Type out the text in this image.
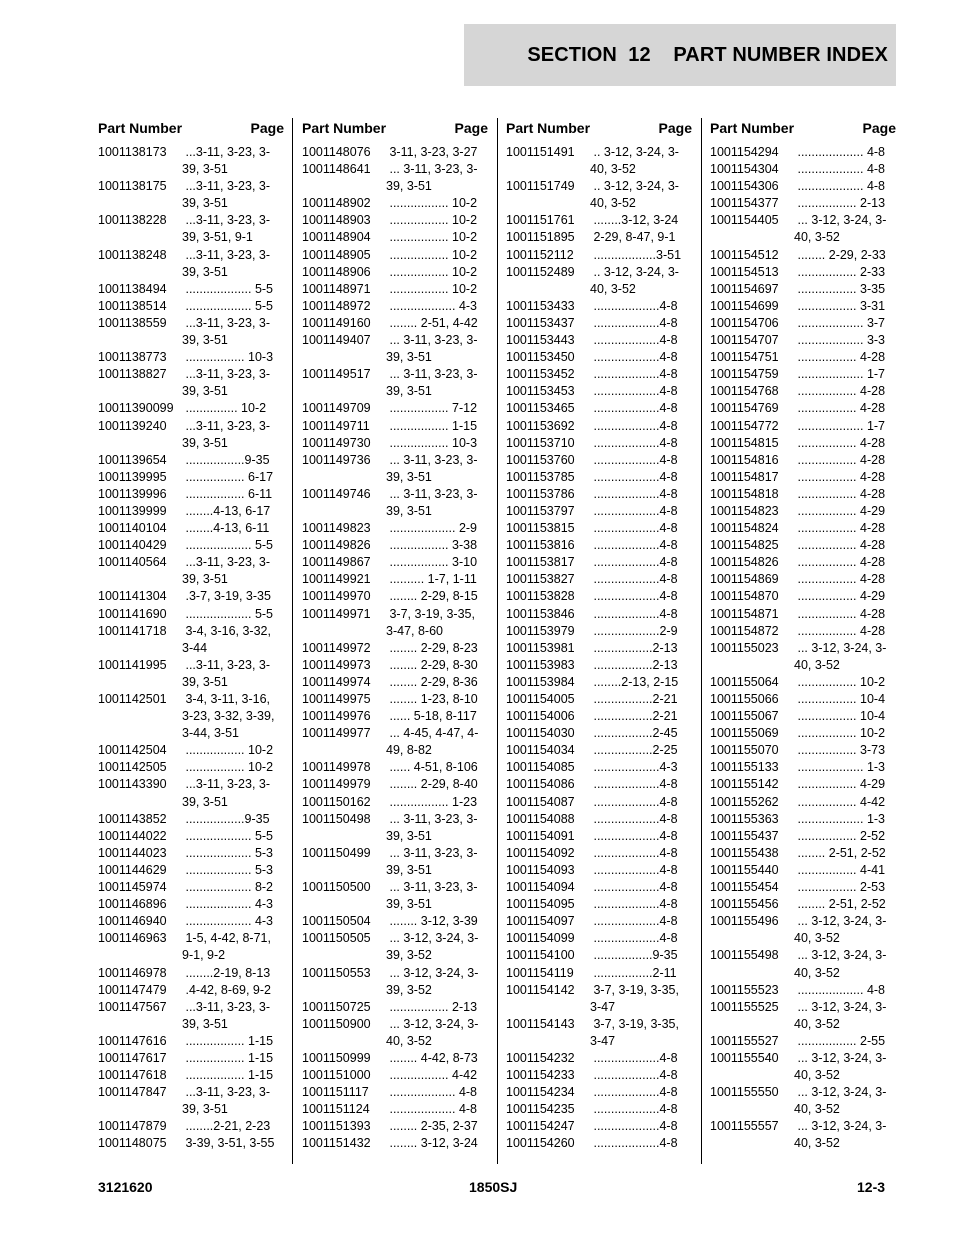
SECTION  12    PART NUMBER INDEX
Part Number	Page
1001138173	...3-11, 3-23, 3-
39, 3-51
1001138175	...3-11, 3-23, 3-
39, 3-51
1001138228	...3-11, 3-23, 3-
39, 3-51, 9-1
1001138248	...3-11, 3-23, 3-
39, 3-51
1001138494	................... 5-5
1001138514	................... 5-5
1001138559	...3-11, 3-23, 3-
39, 3-51
1001138773	................. 10-3
1001138827	...3-11, 3-23, 3-
39, 3-51
10011390099 ............... 10-2
1001139240	...3-11, 3-23, 3-
39, 3-51
1001139654	.................9-35
1001139995	................. 6-17
1001139996	................. 6-11
1001139999	........4-13, 6-17
1001140104	........4-13, 6-11
1001140429	................... 5-5
1001140564	...3-11, 3-23, 3-
39, 3-51
1001141304	.3-7, 3-19, 3-35
1001141690	................... 5-5
1001141718	3-4, 3-16, 3-32,
3-44
1001141995	...3-11, 3-23, 3-
39, 3-51
1001142501	3-4, 3-11, 3-16,
3-23, 3-32, 3-39,
3-44, 3-51
1001142504	................. 10-2
1001142505	................. 10-2
1001143390	...3-11, 3-23, 3-
39, 3-51
1001143852	.................9-35
1001144022	................... 5-5
1001144023	................... 5-3
1001144629	................... 5-3
1001145974	................... 8-2
1001146896	................... 4-3
1001146940	................... 4-3
1001146963	1-5, 4-42, 8-71,
9-1, 9-2
1001146978	........2-19, 8-13
1001147479	.4-42, 8-69, 9-2
1001147567	...3-11, 3-23, 3-
39, 3-51
1001147616	................. 1-15
1001147617	................. 1-15
1001147618	................. 1-15
1001147847	...3-11, 3-23, 3-
39, 3-51
1001147879	........2-21, 2-23
1001148075	3-39, 3-51, 3-55
Part Number	Page
1001148076	3-11, 3-23, 3-27
1001148641	... 3-11, 3-23, 3-
39, 3-51
1001148902	................. 10-2
1001148903	................. 10-2
1001148904	................. 10-2
1001148905	................. 10-2
1001148906	................. 10-2
1001148971	................. 10-2
1001148972	................... 4-3
1001149160	........ 2-51, 4-42
1001149407	... 3-11, 3-23, 3-
39, 3-51
1001149517	... 3-11, 3-23, 3-
39, 3-51
1001149709	................. 7-12
1001149711	................. 1-15
1001149730	................. 10-3
1001149736	... 3-11, 3-23, 3-
39, 3-51
1001149746	... 3-11, 3-23, 3-
39, 3-51
1001149823	................... 2-9
1001149826	................. 3-38
1001149867	................. 3-10
1001149921	.......... 1-7, 1-11
1001149970	........ 2-29, 8-15
1001149971	3-7, 3-19, 3-35,
3-47, 8-60
1001149972	........ 2-29, 8-23
1001149973	........ 2-29, 8-30
1001149974	........ 2-29, 8-36
1001149975	........ 1-23, 8-10
1001149976	...... 5-18, 8-117
1001149977	... 4-45, 4-47, 4-
49, 8-82
1001149978	...... 4-51, 8-106
1001149979	........ 2-29, 8-40
1001150162	................. 1-23
1001150498	... 3-11, 3-23, 3-
39, 3-51
1001150499	... 3-11, 3-23, 3-
39, 3-51
1001150500	... 3-11, 3-23, 3-
39, 3-51
1001150504	........ 3-12, 3-39
1001150505	... 3-12, 3-24, 3-
39, 3-52
1001150553	... 3-12, 3-24, 3-
39, 3-52
1001150725	................. 2-13
1001150900	... 3-12, 3-24, 3-
40, 3-52
1001150999	........ 4-42, 8-73
1001151000	................. 4-42
1001151117	................... 4-8
1001151124	................... 4-8
1001151393	........ 2-35, 2-37
1001151432	........ 3-12, 3-24
Part Number	Page
1001151491	.. 3-12, 3-24, 3-
40, 3-52
1001151749	.. 3-12, 3-24, 3-
40, 3-52
1001151761	........3-12, 3-24
1001151895	2-29, 8-47, 9-1
1001152112	..................3-51
1001152489	.. 3-12, 3-24, 3-
40, 3-52
1001153433	...................4-8
1001153437	...................4-8
1001153443	...................4-8
1001153450	...................4-8
1001153452	...................4-8
1001153453	...................4-8
1001153465	...................4-8
1001153692	...................4-8
1001153710	...................4-8
1001153760	...................4-8
1001153785	...................4-8
1001153786	...................4-8
1001153797	...................4-8
1001153815	...................4-8
1001153816	...................4-8
1001153817	...................4-8
1001153827	...................4-8
1001153828	...................4-8
1001153846	...................4-8
1001153979	...................2-9
1001153981	.................2-13
1001153983	.................2-13
1001153984	........2-13, 2-15
1001154005	.................2-21
1001154006	.................2-21
1001154030	.................2-45
1001154034	.................2-25
1001154085	...................4-3
1001154086	...................4-8
1001154087	...................4-8
1001154088	...................4-8
1001154091	...................4-8
1001154092	...................4-8
1001154093	...................4-8
1001154094	...................4-8
1001154095	...................4-8
1001154097	...................4-8
1001154099	...................4-8
1001154100	.................9-35
1001154119	.................2-11
1001154142	3-7, 3-19, 3-35,
3-47
1001154143	3-7, 3-19, 3-35,
3-47
1001154232	...................4-8
1001154233	...................4-8
1001154234	...................4-8
1001154235	...................4-8
1001154247	...................4-8
1001154260	...................4-8
Part Number	Page
1001154294	................... 4-8
1001154304	................... 4-8
1001154306	................... 4-8
1001154377	................. 2-13
1001154405	... 3-12, 3-24, 3-
40, 3-52
1001154512	........ 2-29, 2-33
1001154513	................. 2-33
1001154697	................. 3-35
1001154699	................. 3-31
1001154706	................... 3-7
1001154707	................... 3-3
1001154751	................. 4-28
1001154759	................... 1-7
1001154768	................. 4-28
1001154769	................. 4-28
1001154772	................... 1-7
1001154815	................. 4-28
1001154816	................. 4-28
1001154817	................. 4-28
1001154818	................. 4-28
1001154823	................. 4-29
1001154824	................. 4-28
1001154825	................. 4-28
1001154826	................. 4-28
1001154869	................. 4-28
1001154870	................. 4-29
1001154871	................. 4-28
1001154872	................. 4-28
1001155023	... 3-12, 3-24, 3-
40, 3-52
1001155064	................. 10-2
1001155066	................. 10-4
1001155067	................. 10-4
1001155069	................. 10-2
1001155070	................. 3-73
1001155133	................... 1-3
1001155142	................. 4-29
1001155262	................. 4-42
1001155363	................... 1-3
1001155437	................. 2-52
1001155438	........ 2-51, 2-52
1001155440	................. 4-41
1001155454	................. 2-53
1001155456	........ 2-51, 2-52
1001155496	... 3-12, 3-24, 3-
40, 3-52
1001155498	... 3-12, 3-24, 3-
40, 3-52
1001155523	................... 4-8
1001155525	... 3-12, 3-24, 3-
40, 3-52
1001155527	................. 2-55
1001155540	... 3-12, 3-24, 3-
40, 3-52
1001155550	... 3-12, 3-24, 3-
40, 3-52
1001155557	... 3-12, 3-24, 3-
40, 3-52
3121620	1850SJ	12-3
